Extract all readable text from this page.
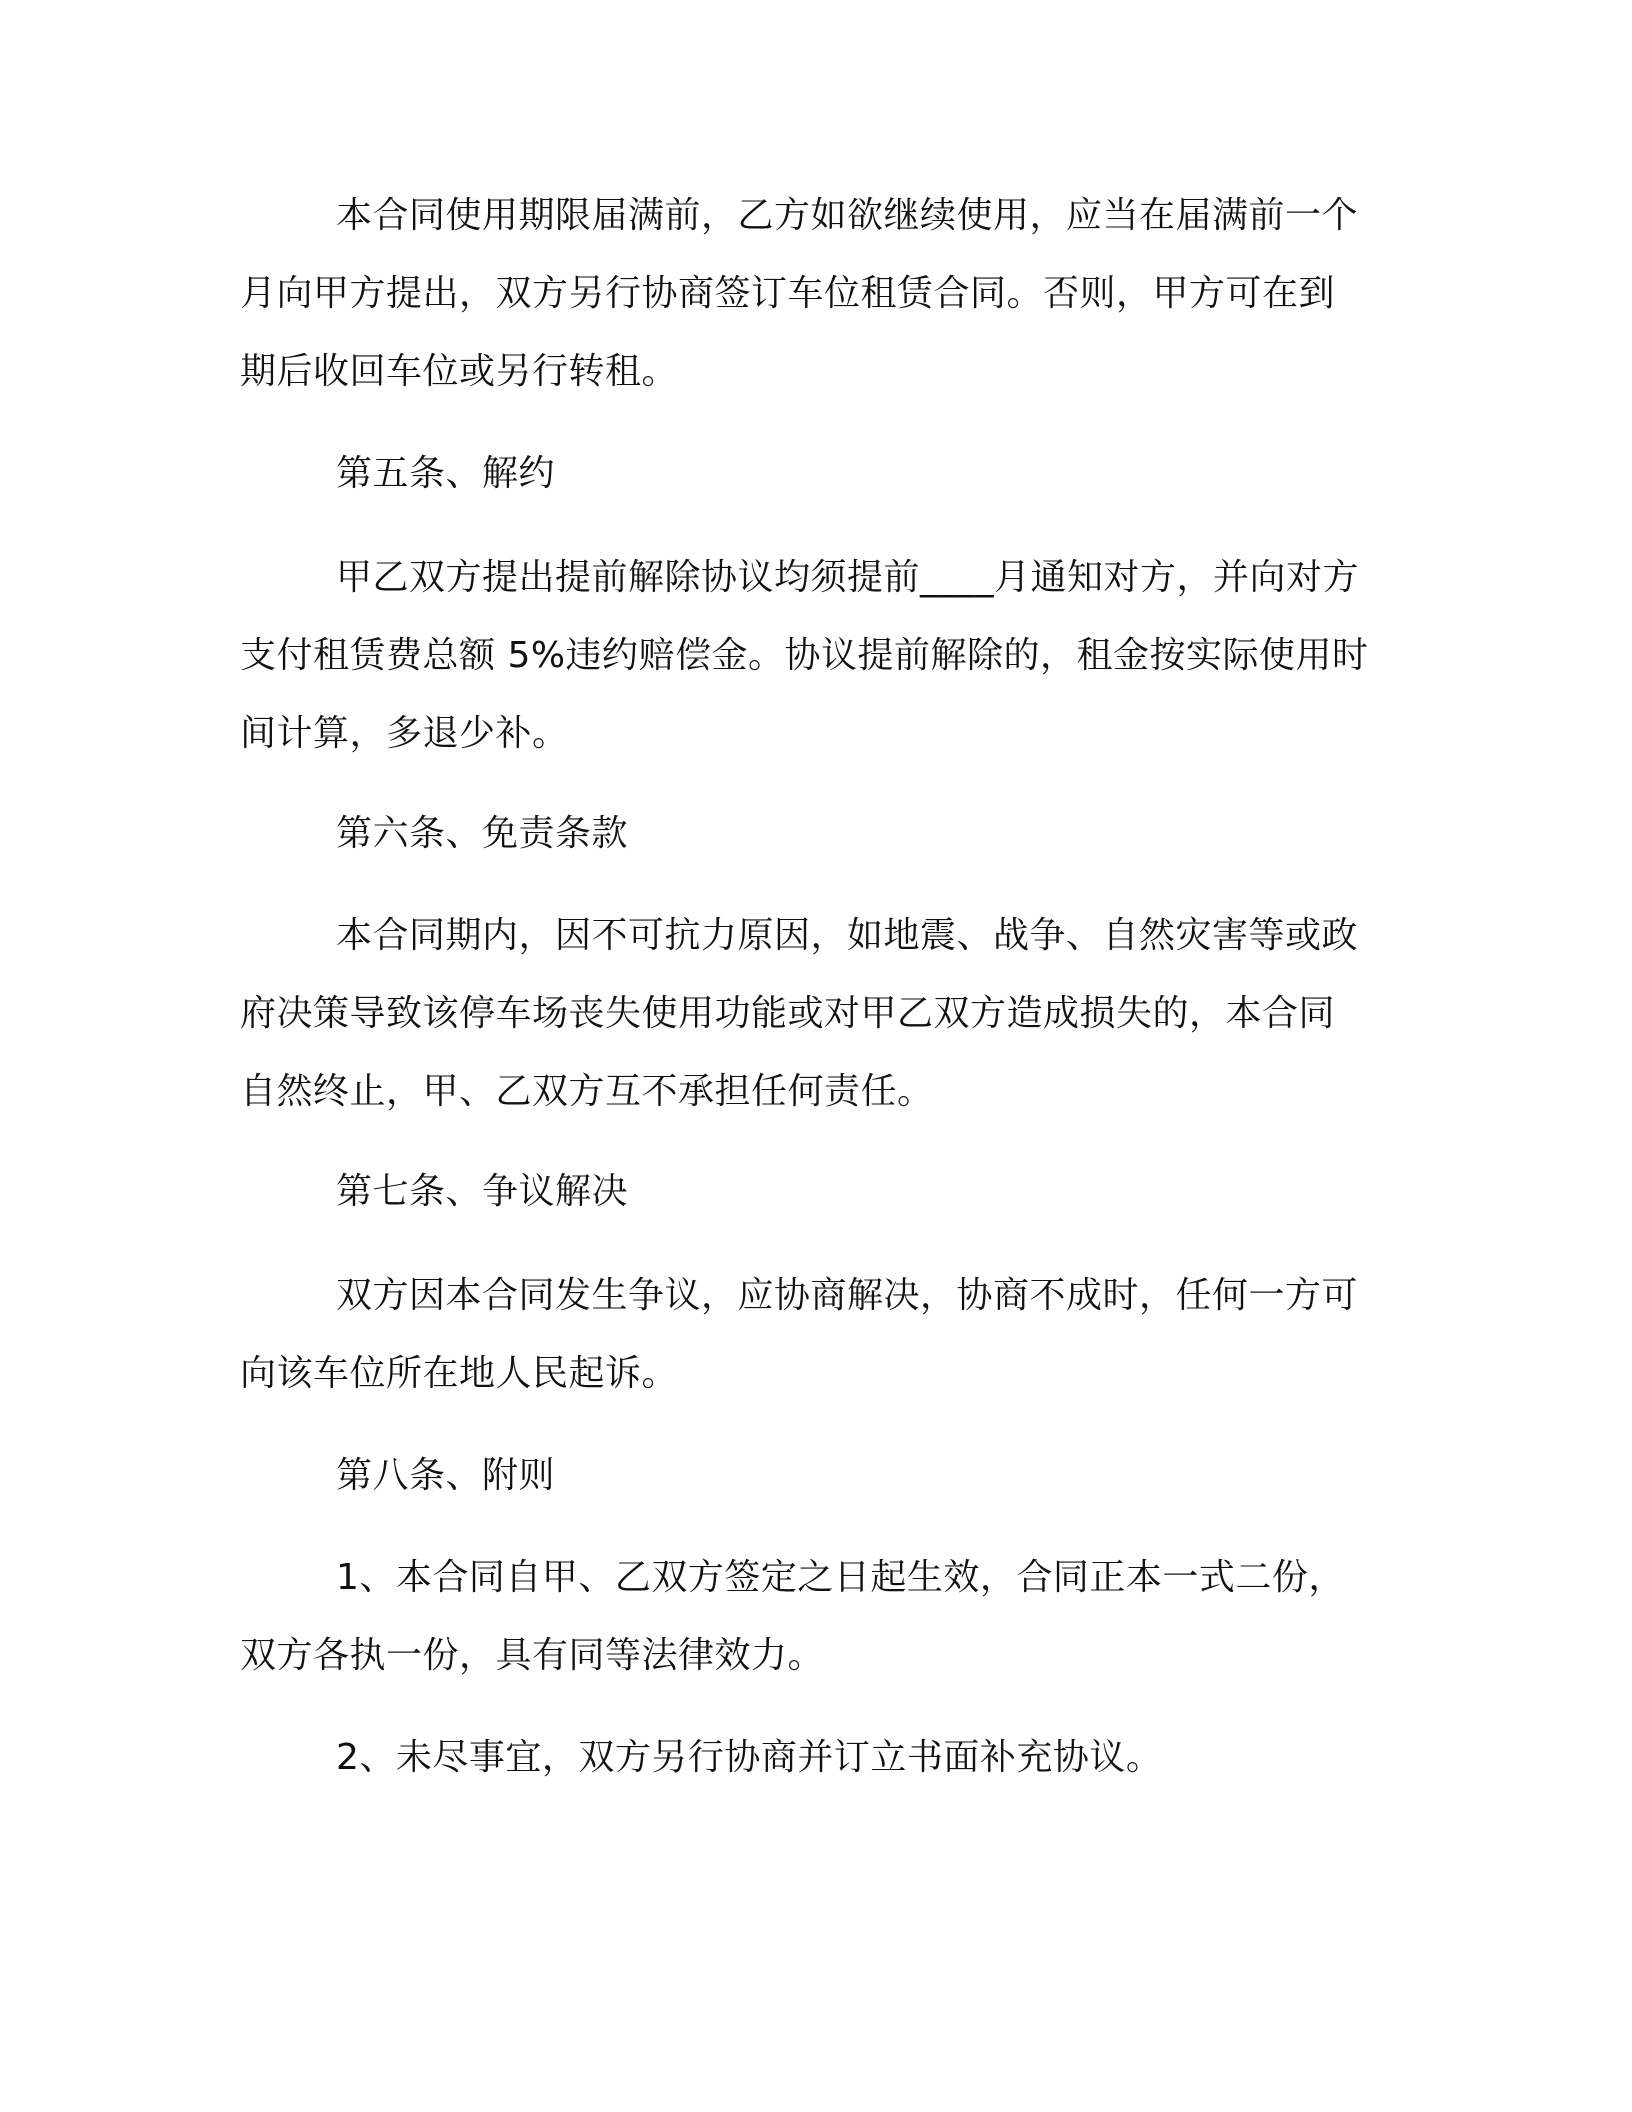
本合同使用期限届满前，乙方如欲继续使用，应当在届满前一个
月向甲方提出，双方另行协商签订车位租赁合同。否则，甲方可在到
期后收回车位或另行转租。
第五条、解约
甲乙双方提出提前解除协议均须提前____月通知对方，并向对方
支付租赁费总额 5%违约赔偿金。协议提前解除的，租金按实际使用时
间计算，多退少补。
第六条、免责条款
本合同期内，因不可抗力原因，如地震、战争、自然灾害等或政
府决策导致该停车场丧失使用功能或对甲乙双方造成损失的，本合同
自然终止，甲、乙双方互不承担任何责任。
第七条、争议解决
双方因本合同发生争议，应协商解决，协商不成时，任何一方可
向该车位所在地人民起诉。
第八条、附则
1、本合同自甲、乙双方签定之日起生效，合同正本一式二份，
双方各执一份，具有同等法律效力。
2、未尽事宜，双方另行协商并订立书面补充协议。
